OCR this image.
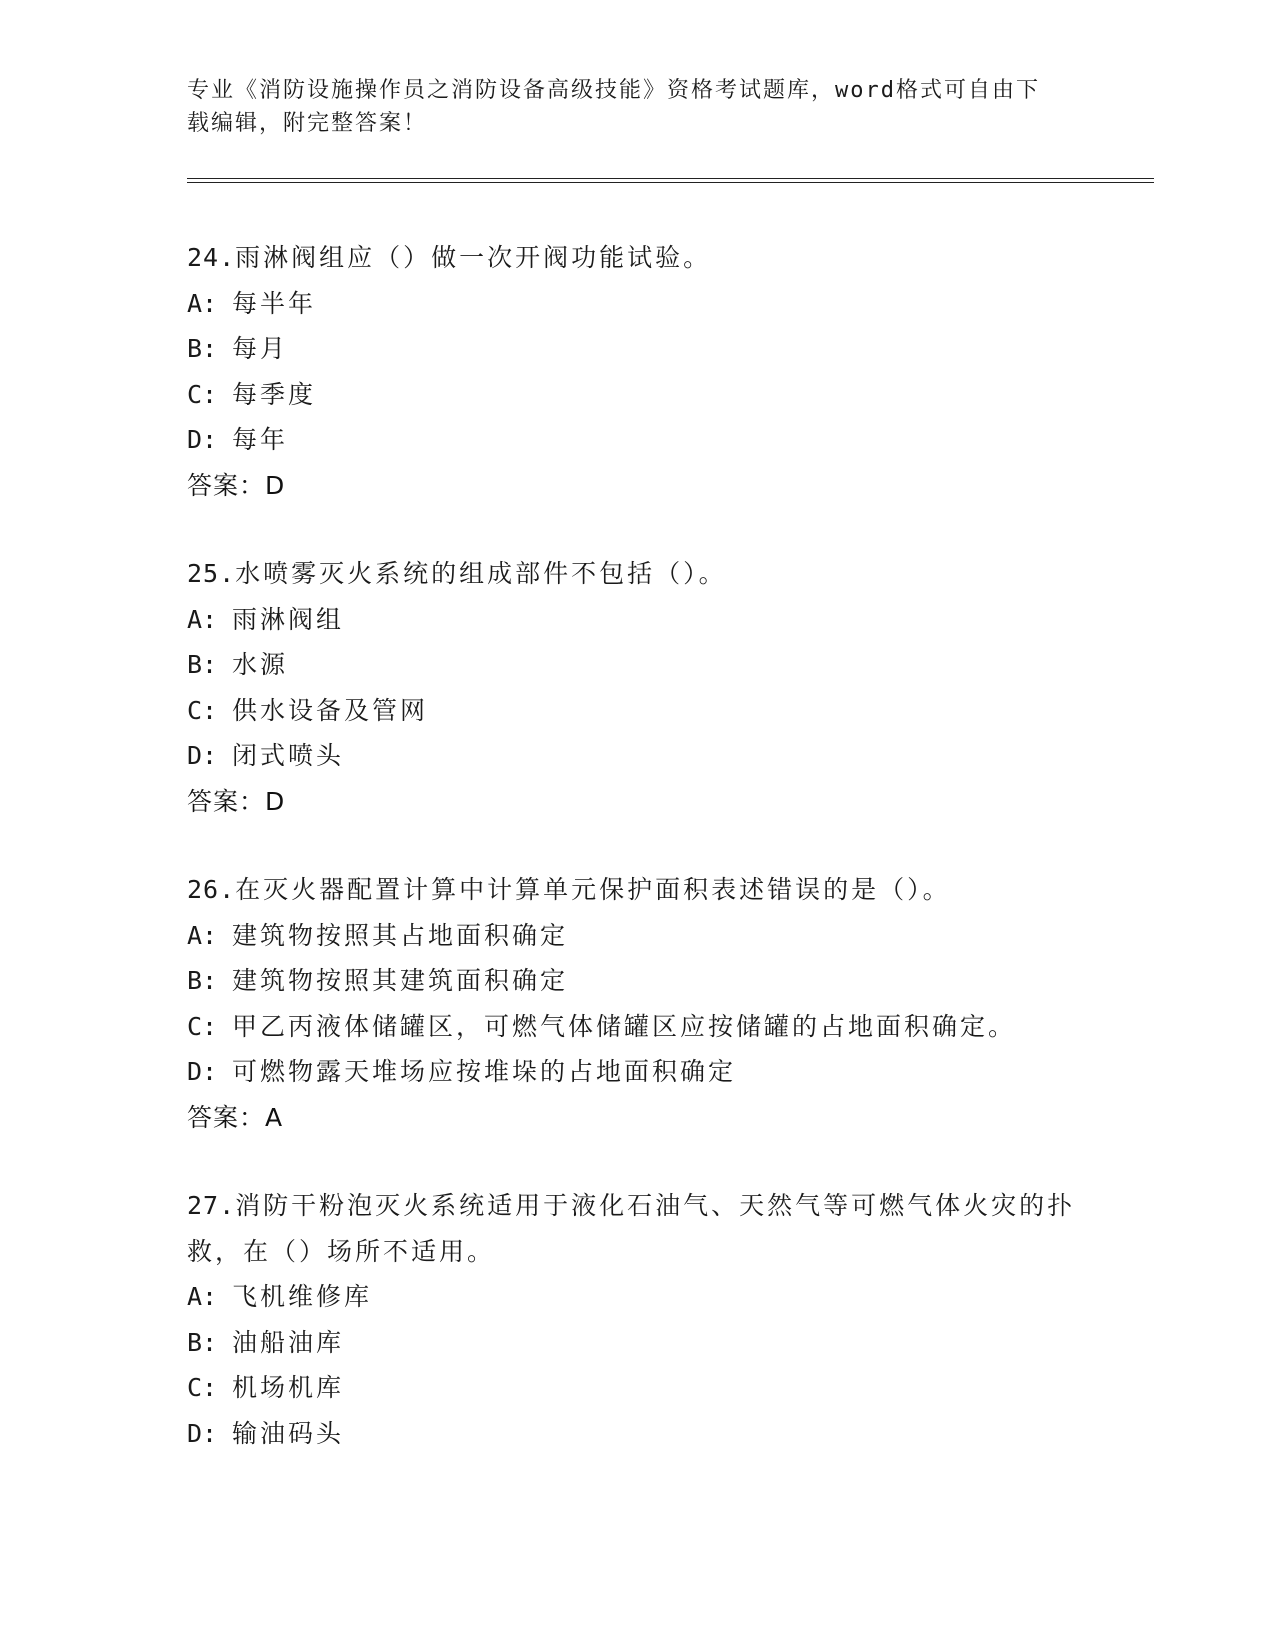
专业《消防设施操作员之消防设备高级技能》资格考试题库，word格式可自由下
载编辑，附完整答案！
24.雨淋阀组应（）做一次开阀功能试验。
A: 每半年
B: 每月
C: 每季度
D: 每年
答案：D
25.水喷雾灭火系统的组成部件不包括（）。
A: 雨淋阀组
B: 水源
C: 供水设备及管网
D: 闭式喷头
答案：D
26.在灭火器配置计算中计算单元保护面积表述错误的是（）。
A: 建筑物按照其占地面积确定
B: 建筑物按照其建筑面积确定
C: 甲乙丙液体储罐区，可燃气体储罐区应按储罐的占地面积确定。
D: 可燃物露天堆场应按堆垛的占地面积确定
答案：A
27.消防干粉泡灭火系统适用于液化石油气、天然气等可燃气体火灾的扑救，在（）场所不适用。
A: 飞机维修库
B: 油船油库
C: 机场机库
D: 输油码头
